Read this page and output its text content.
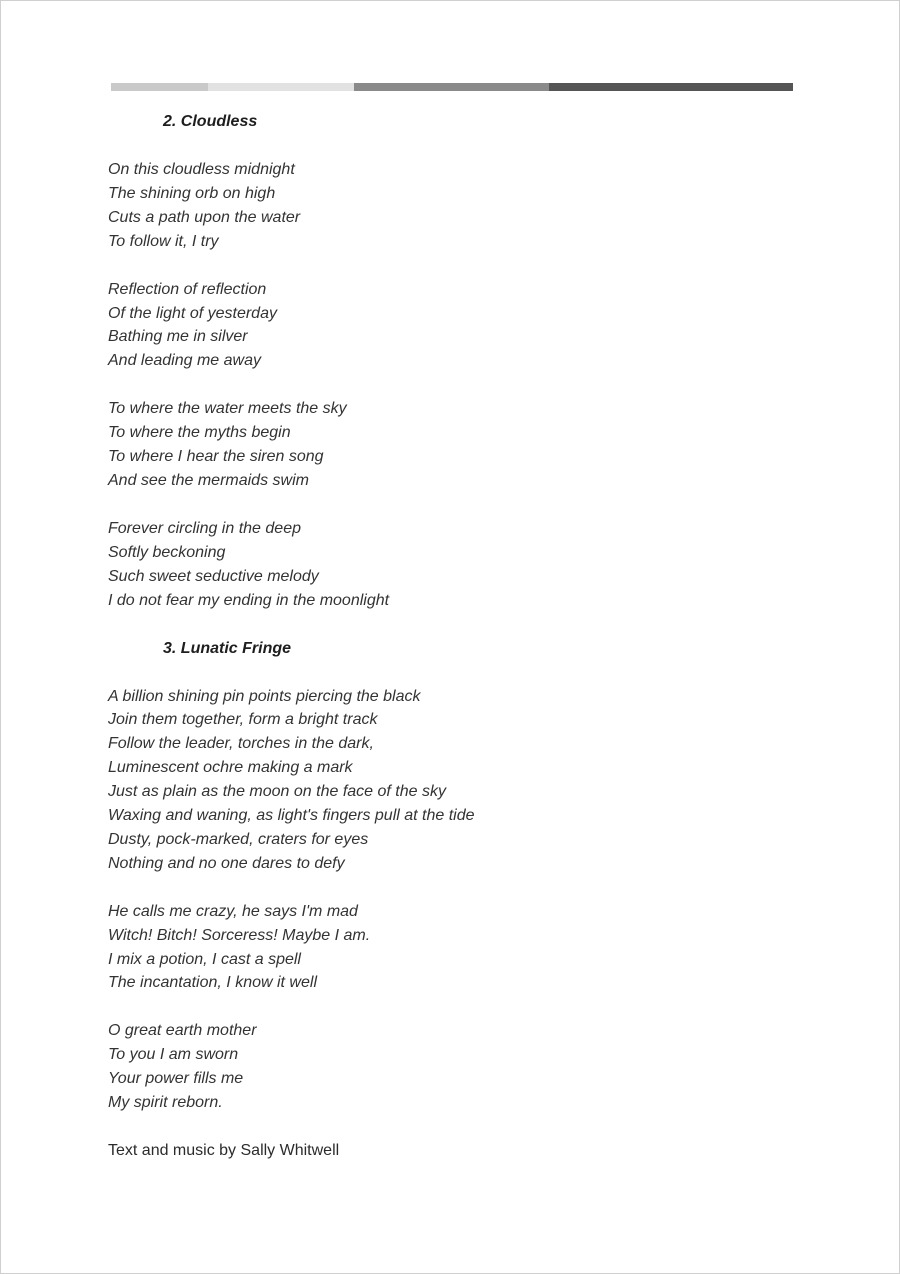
2. Cloudless
On this cloudless midnight
The shining orb on high
Cuts a path upon the water
To follow it, I try
Reflection of reflection
Of the light of yesterday
Bathing me in silver
And leading me away
To where the water meets the sky
To where the myths begin
To where I hear the siren song
And see the mermaids swim
Forever circling in the deep
Softly beckoning
Such sweet seductive melody
I do not fear my ending in the moonlight
3. Lunatic Fringe
A billion shining pin points piercing the black
Join them together, form a bright track
Follow the leader, torches in the dark,
Luminescent ochre making a mark
Just as plain as the moon on the face of the sky
Waxing and waning, as light's fingers pull at the tide
Dusty, pock-marked, craters for eyes
Nothing and no one dares to defy
He calls me crazy, he says I'm mad
Witch! Bitch! Sorceress! Maybe I am.
I mix a potion, I cast a spell
The incantation, I know it well
O great earth mother
To you I am sworn
Your power fills me
My spirit reborn.
Text and music by Sally Whitwell
